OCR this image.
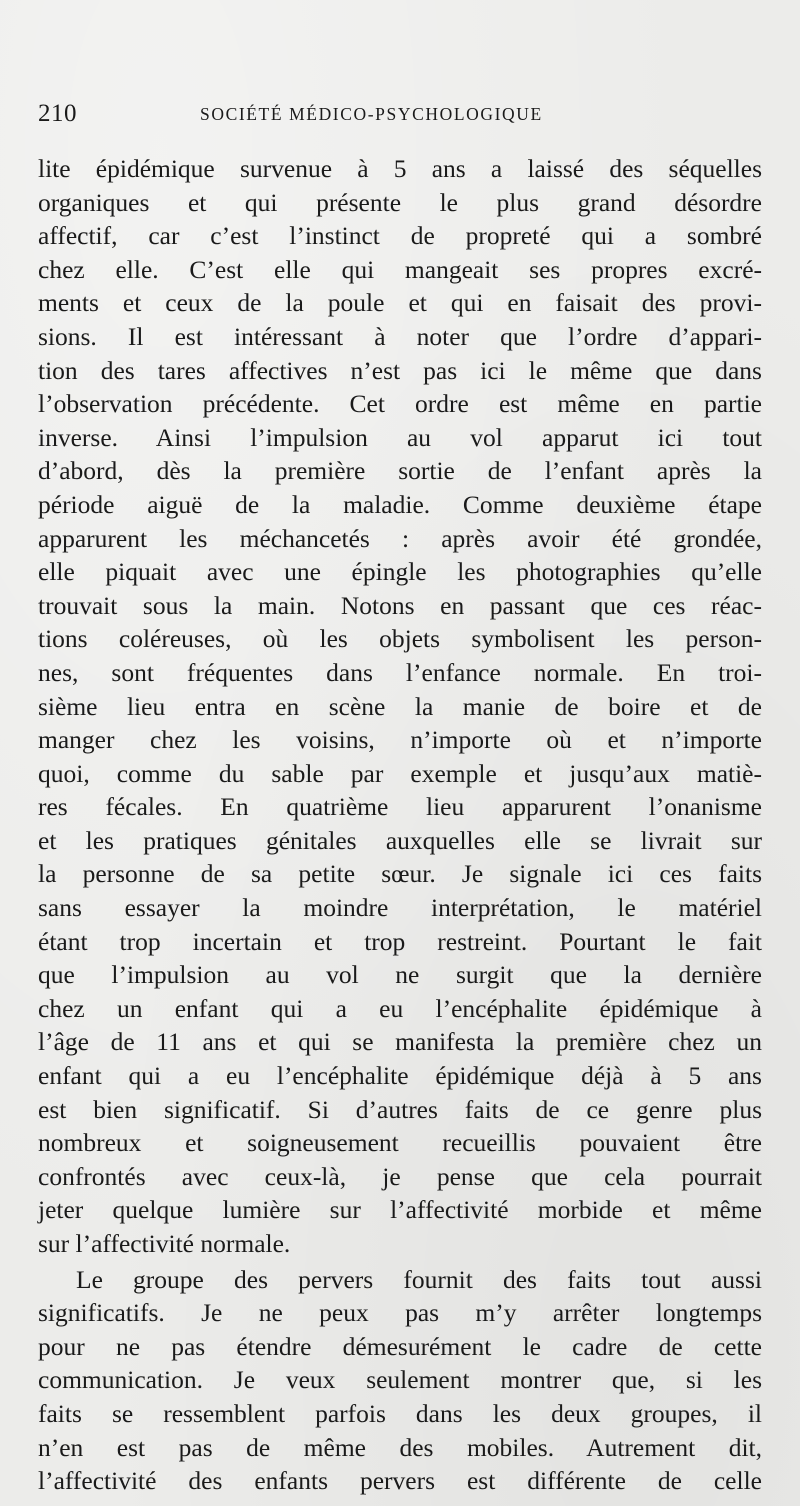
210	SOCIÉTÉ MÉDICO-PSYCHOLOGIQUE
lite épidémique survenue à 5 ans a laissé des séquelles
organiques et qui présente le plus grand désordre
affectif, car c’est l’instinct de propreté qui a sombré
chez elle. C’est elle qui mangeait ses propres excré-
ments et ceux de la poule et qui en faisait des provi-
sions. Il est intéressant à noter que l’ordre d’appari-
tion des tares affectives n’est pas ici le même que dans
l’observation précédente. Cet ordre est même en partie
inverse. Ainsi l’impulsion au vol apparut ici tout
d’abord, dès la première sortie de l’enfant après la
période aiguë de la maladie. Comme deuxième étape
apparurent les méchancetés : après avoir été grondée,
elle piquait avec une épingle les photographies qu’elle
trouvait sous la main. Notons en passant que ces réac-
tions coléreuses, où les objets symbolisent les person-
nes, sont fréquentes dans l’enfance normale. En troi-
sième lieu entra en scène la manie de boire et de
manger chez les voisins, n’importe où et n’importe
quoi, comme du sable par exemple et jusqu’aux matiè-
res fécales. En quatrième lieu apparurent l’onanisme
et les pratiques génitales auxquelles elle se livrait sur
la personne de sa petite sœur. Je signale ici ces faits
sans essayer la moindre interprétation, le matériel
étant trop incertain et trop restreint. Pourtant le fait
que l’impulsion au vol ne surgit que la dernière
chez un enfant qui a eu l’encéphalite épidémique à
l’âge de 11 ans et qui se manifesta la première chez un
enfant qui a eu l’encéphalite épidémique déjà à 5 ans
est bien significatif. Si d’autres faits de ce genre plus
nombreux et soigneusement recueillis pouvaient être
confrontés avec ceux-là, je pense que cela pourrait
jeter quelque lumière sur l’affectivité morbide et même
sur l’affectivité normale.
Le groupe des pervers fournit des faits tout aussi
significatifs. Je ne peux pas m’y arrêter longtemps
pour ne pas étendre démesurément le cadre de cette
communication. Je veux seulement montrer que, si les
faits se ressemblent parfois dans les deux groupes, il
n’en est pas de même des mobiles. Autrement dit,
l’affectivité des enfants pervers est différente de celle
